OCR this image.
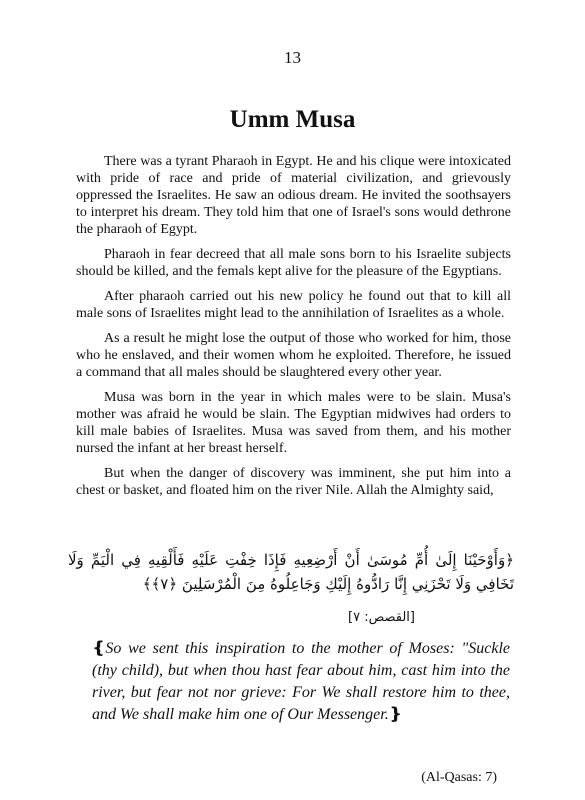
13
Umm Musa

There was a tyrant Pharaoh in Egypt. He and his clique were intoxicated with pride of race and pride of material civilization, and grievously oppressed the Israelites. He saw an odious dream. He invited the soothsayers to interpret his dream. They told him that one of Israel's sons would dethrone the pharaoh of Egypt.

Pharaoh in fear decreed that all male sons born to his Israelite subjects should be killed, and the femals kept alive for the pleasure of the Egyptians.

After pharaoh carried out his new policy he found out that to kill all male sons of Israelites might lead to the annihilation of Israelites as a whole.

As a result he might lose the output of those who worked for him, those who he enslaved, and their women whom he exploited. Therefore, he issued a command that all males should be slaughtered every other year.

Musa was born in the year in which males were to be slain. Musa's mother was afraid he would be slain. The Egyptian midwives had orders to kill male babies of Israelites. Musa was saved from them, and his mother nursed the infant at her breast herself.

But when the danger of discovery was imminent, she put him into a chest or basket, and floated him on the river Nile. Allah the Almighty said,

﴿وَأَوْحَيْنَا إِلَىٰ أُمِّ مُوسَىٰ أَنْ أَرْضِعِيهِ فَإِذَا خِفْتِ عَلَيْهِ فَأَلْقِيهِ فِي الْيَمِّ وَلَا تَخَافِي وَلَا تَحْزَنِي إِنَّا رَادُّوهُ إِلَيْكِ وَجَاعِلُوهُ مِنَ الْمُرْسَلِينَ ﴿٧﴾﴾
[القصص: ٧]

❴So we sent this inspiration to the mother of Moses: "Suckle (thy child), but when thou hast fear about him, cast him into the river, but fear not nor grieve: For We shall restore him to thee, and We shall make him one of Our Messenger.❵

(Al-Qasas: 7)
